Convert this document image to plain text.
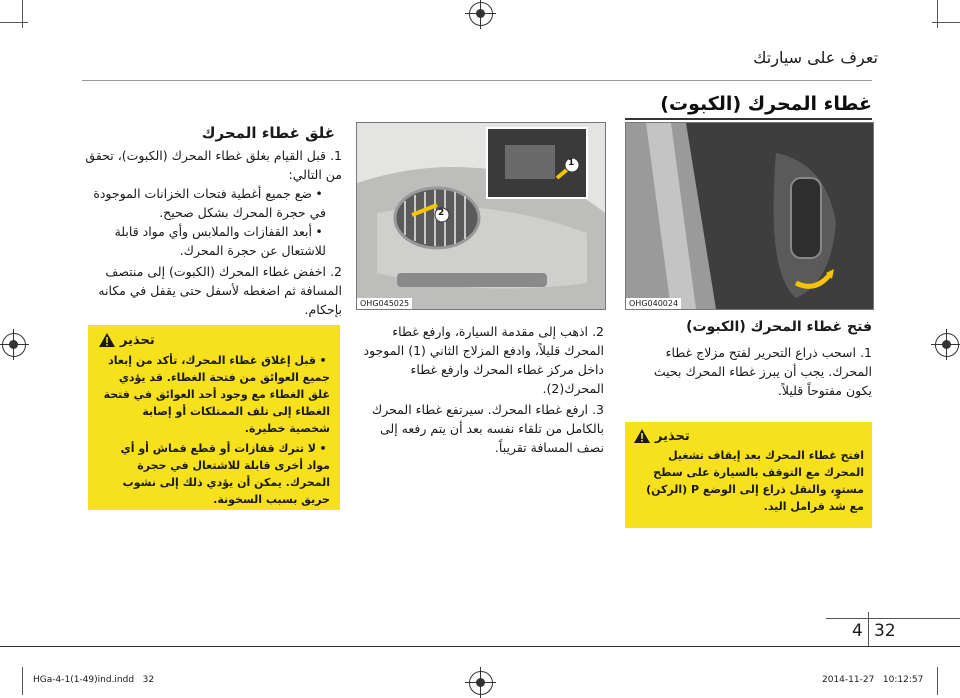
تعرف على سيارتك
غطاء المحرك (الكبوت)
1
2
OHG045025	OHG040024
فتح غطاء المحرك (الكبوت)

1.اسحب ذراع التحرير لفتح مزلاج غطاء المحرك. يجب أن يبرز غطاء المحرك بحيث يكون مفتوحاً قليلاً.

تحذير
افتح غطاء المحرك بعد إيقاف تشغيل المحرك مع التوقف بالسيارة على سطح مستوٍ، والنقل ذراع إلى الوضع P (الركن) مع شد فرامل اليد.

2.اذهب إلى مقدمة السيارة، وارفع غطاء المحرك قليلاً، وادفع المزلاج الثاني (1) الموجود داخل مركز غطاء المحرك وارفع غطاء المحرك(2).

3.ارفع غطاء المحرك. سيرتفع غطاء المحرك بالكامل من تلقاء نفسه بعد أن يتم رفعه إلى نصف المسافة تقريباً.

غلق غطاء المحرك

1.قبل القيام بغلق غطاء المحرك (الكبوت)، تحقق من التالي:

•ضع جميع أغطية فتحات الخزانات الموجودة في حجرة المحرك بشكل صحيح.

•أبعد القفازات والملابس وأي مواد قابلة للاشتعال عن حجرة المحرك.

2.اخفض غطاء المحرك (الكبوت) إلى منتصف المسافة ثم اضغطه لأسفل حتى يقفل في مكانه بإحكام.

تحذير
•قبل إغلاق غطاء المحرك، تأكد من إبعاد جميع العوائق من فتحة الغطاء. قد يؤدي غلق الغطاء مع وجود أحد العوائق في فتحة الغطاء إلى تلف الممتلكات أو إصابة شخصية خطيرة.
•لا تترك قفازات أو قطع قماش أو أي مواد أخرى قابلة للاشتعال في حجرة المحرك. يمكن أن يؤدي ذلك إلى نشوب حريق بسبب السخونة.
4 32
HGa-4-1(1-49)ind.indd   32	2014-11-27   10:12:57
